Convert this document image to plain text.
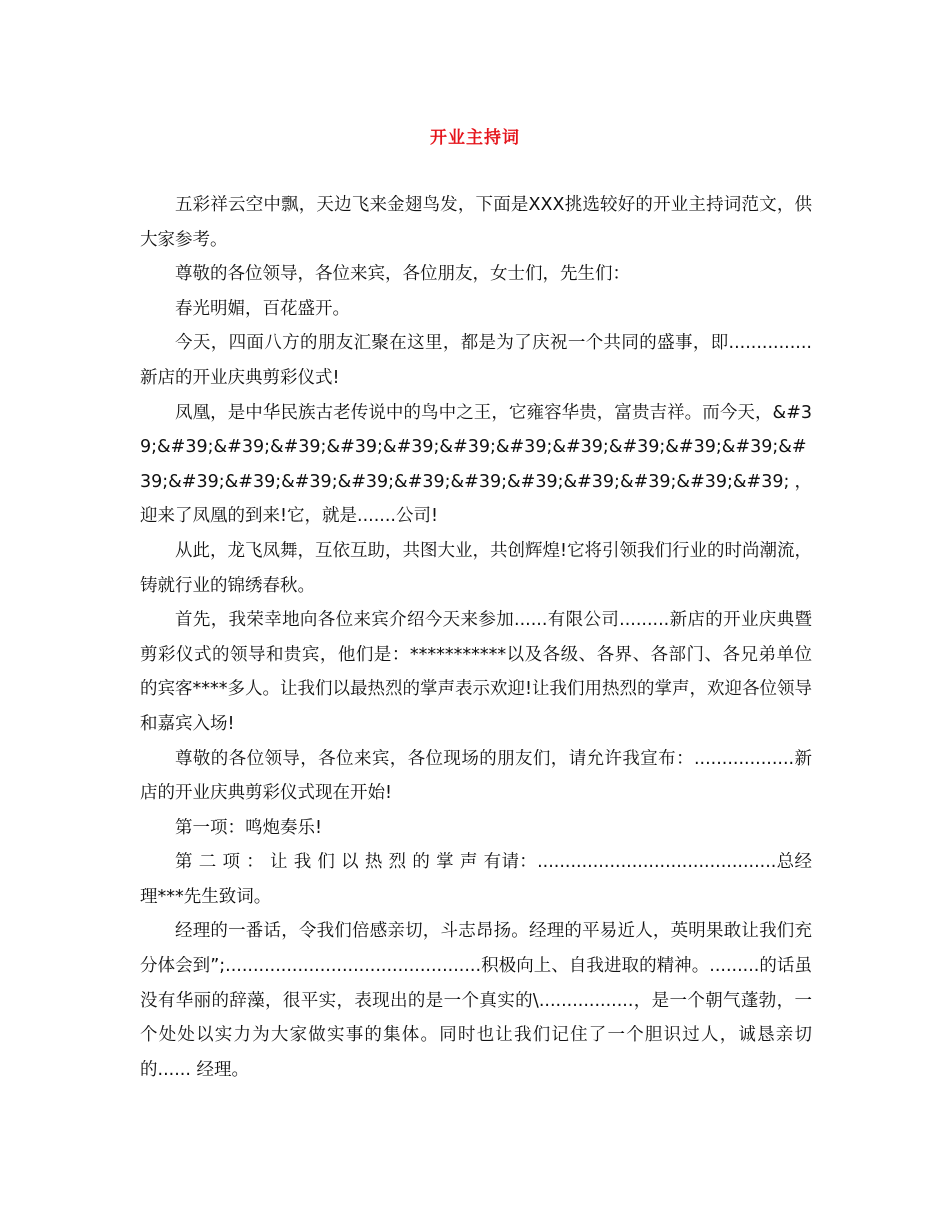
开业主持词

五彩祥云空中飘，天边飞来金翅鸟发，下面是XXX挑选较好的开业主持词范文，供大家参考。

尊敬的各位领导，各位来宾，各位朋友，女士们，先生们：

春光明媚，百花盛开。

今天，四面八方的朋友汇聚在这里，都是为了庆祝一个共同的盛事，即...............新店的开业庆典剪彩仪式!

凤凰，是中华民族古老传说中的鸟中之王，它雍容华贵，富贵吉祥。而今天，&#39;&#39;&#39;&#39;&#39;&#39;&#39;&#39;&#39;&#39;&#39;&#39;&#39;&#39;&#39;&#39;&#39;&#39;&#39;&#39;&#39;&#39;&#39;&#39;，迎来了凤凰的到来!它，就是.......公司!

从此，龙飞凤舞，互依互助，共图大业，共创辉煌!它将引领我们行业的时尚潮流，铸就行业的锦绣春秋。

首先，我荣幸地向各位来宾介绍今天来参加......有限公司.........新店的开业庆典暨剪彩仪式的领导和贵宾，他们是：***********以及各级、各界、各部门、各兄弟单位的宾客****多人。让我们以最热烈的掌声表示欢迎!让我们用热烈的掌声，欢迎各位领导和嘉宾入场!

尊敬的各位领导，各位来宾，各位现场的朋友们，请允许我宣布：..................新店的开业庆典剪彩仪式现在开始!

第一项：鸣炮奏乐!

第 二 项 ： 让 我 们 以 热 烈 的 掌 声 有请：...........................................总经理***先生致词。

经理的一番话，令我们倍感亲切，斗志昂扬。经理的平易近人，英明果敢让我们充分体会到”;..............................................积极向上、自我进取的精神。.........的话虽没有华丽的辞藻，很平实，表现出的是一个真实的\.................，是一个朝气蓬勃，一个处处以实力为大家做实事的集体。同时也让我们记住了一个胆识过人，诚恳亲切的...... 经理。
